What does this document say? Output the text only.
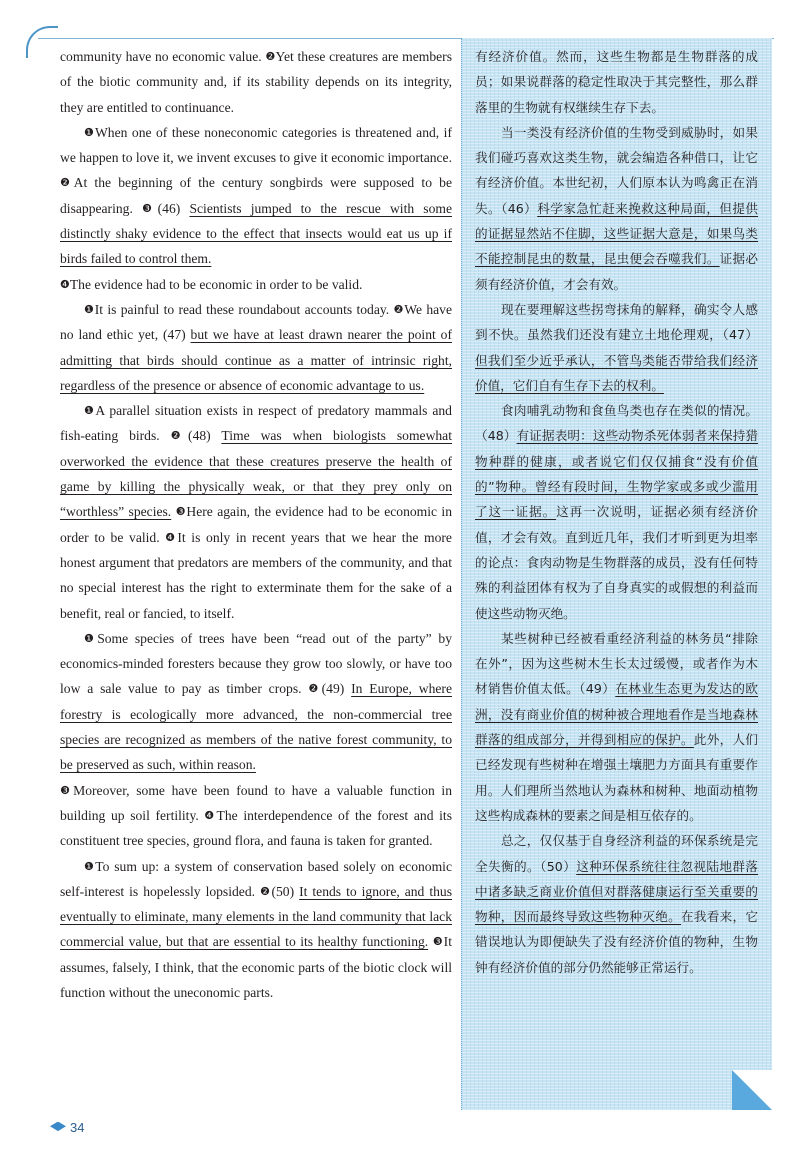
community have no economic value. ❷Yet these creatures are members of the biotic community and, if its stability depends on its integrity, they are entitled to continuance.

❶When one of these noneconomic categories is threatened and, if we happen to love it, we invent excuses to give it economic importance. ❷At the beginning of the century songbirds were supposed to be disappearing. ❸(46) Scientists jumped to the rescue with some distinctly shaky evidence to the effect that insects would eat us up if birds failed to control them.
❹The evidence had to be economic in order to be valid.

❶It is painful to read these roundabout accounts today. ❷We have no land ethic yet, (47) but we have at least drawn nearer the point of admitting that birds should continue as a matter of intrinsic right, regardless of the presence or absence of economic advantage to us.

❶A parallel situation exists in respect of predatory mammals and fish-eating birds. ❷(48) Time was when biologists somewhat overworked the evidence that these creatures preserve the health of game by killing the physically weak, or that they prey only on “worthless” species. ❸Here again, the evidence had to be economic in order to be valid. ❹It is only in recent years that we hear the more honest argument that predators are members of the community, and that no special interest has the right to exterminate them for the sake of a benefit, real or fancied, to itself.

❶Some species of trees have been “read out of the party” by economics-minded foresters because they grow too slowly, or have too low a sale value to pay as timber crops. ❷(49) In Europe, where forestry is ecologically more advanced, the non-commercial tree species are recognized as members of the native forest community, to be preserved as such, within reason.
❸Moreover, some have been found to have a valuable function in building up soil fertility. ❹The interdependence of the forest and its constituent tree species, ground flora, and fauna is taken for granted.

❶To sum up: a system of conservation based solely on economic self-interest is hopelessly lopsided. ❷(50) It tends to ignore, and thus eventually to eliminate, many elements in the land community that lack commercial value, but that are essential to its healthy functioning. ❸It assumes, falsely, I think, that the economic parts of the biotic clock will function without the uneconomic parts.

有经济价值。然而，这些生物都是生物群落的成员；如果说群落的稳定性取决于其完整性，那么群落里的生物就有权继续生存下去。

当一类没有经济价值的生物受到威胁时，如果我们碰巧喜欢这类生物，就会编造各种借口，让它有经济价值。本世纪初，人们原本认为鸣禽正在消失。（46）科学家急忙赶来挽救这种局面，但提供的证据显然站不住脚，这些证据大意是，如果鸟类不能控制昆虫的数量，昆虫便会吞噬我们。证据必须有经济价值，才会有效。

现在要理解这些拐弯抹角的解释，确实令人感到不快。虽然我们还没有建立土地伦理观，（47）但我们至少近乎承认，不管鸟类能否带给我们经济价值，它们自有生存下去的权利。

食肉哺乳动物和食鱼鸟类也存在类似的情况。（48）有证据表明：这些动物杀死体弱者来保持猎物种群的健康，或者说它们仅仅捕食“没有价值的”物种。曾经有段时间，生物学家或多或少滥用了这一证据。这再一次说明，证据必须有经济价值，才会有效。直到近几年，我们才听到更为坦率的论点：食肉动物是生物群落的成员，没有任何特殊的利益团体有权为了自身真实的或假想的利益而使这些动物灭绝。

某些树种已经被看重经济利益的林务员“排除在外”，因为这些树木生长太过缓慢，或者作为木材销售价值太低。（49）在林业生态更为发达的欧洲，没有商业价值的树种被合理地看作是当地森林群落的组成部分，并得到相应的保护。此外，人们已经发现有些树种在增强土壤肥力方面具有重要作用。人们理所当然地认为森林和树种、地面动植物这些构成森林的要素之间是相互依存的。

总之，仅仅基于自身经济利益的环保系统是完全失衡的。（50）这种环保系统往往忽视陆地群落中诸多缺乏商业价值但对群落健康运行至关重要的物种，因而最终导致这些物种灭绝。在我看来，它错误地认为即便缺失了没有经济价值的物种，生物钟有经济价值的部分仍然能够正常运行。

34
